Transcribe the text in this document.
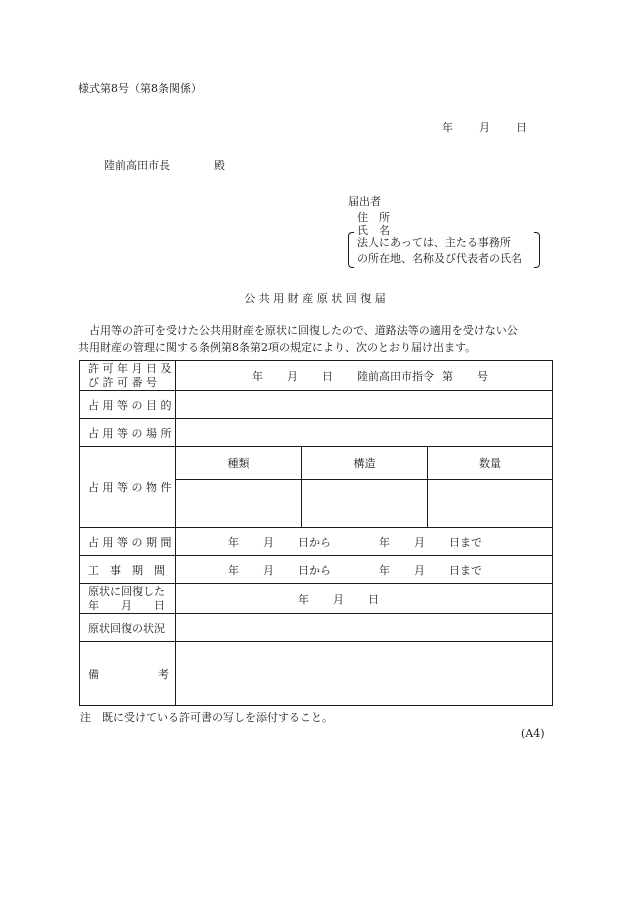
様式第8号（第8条関係）
年 月 日
陸前高田市長	殿
届出者
住　所
氏　名
法人にあっては、主たる事務所
の所在地、名称及び代表者の氏名
公 共 用 財 産 原 状 回 復 届
　占用等の許可を受けた公共用財産を原状に回復したので、道路法等の適用を受けない公
共用財産の管理に関する条例第8条第2項の規定により、次のとおり届け出ます。
許 可 年 月 日 及
び 許 可 番 号	年 月 日 陸前高田市指令 第 号		
占 用 等 の 目 的			
占 用 等 の 場 所			
占 用 等 の 物 件	種類	構造	数量

占 用 等 の 期 間	年 月 日から 年 月 日まで		
工　事　期　間	年 月 日から 年 月 日まで		

原状に回復した
年　　月　　日	年 月 日		
原状回復の状況			

備 考			

注　既に受けている許可書の写しを添付すること。
(A4)
